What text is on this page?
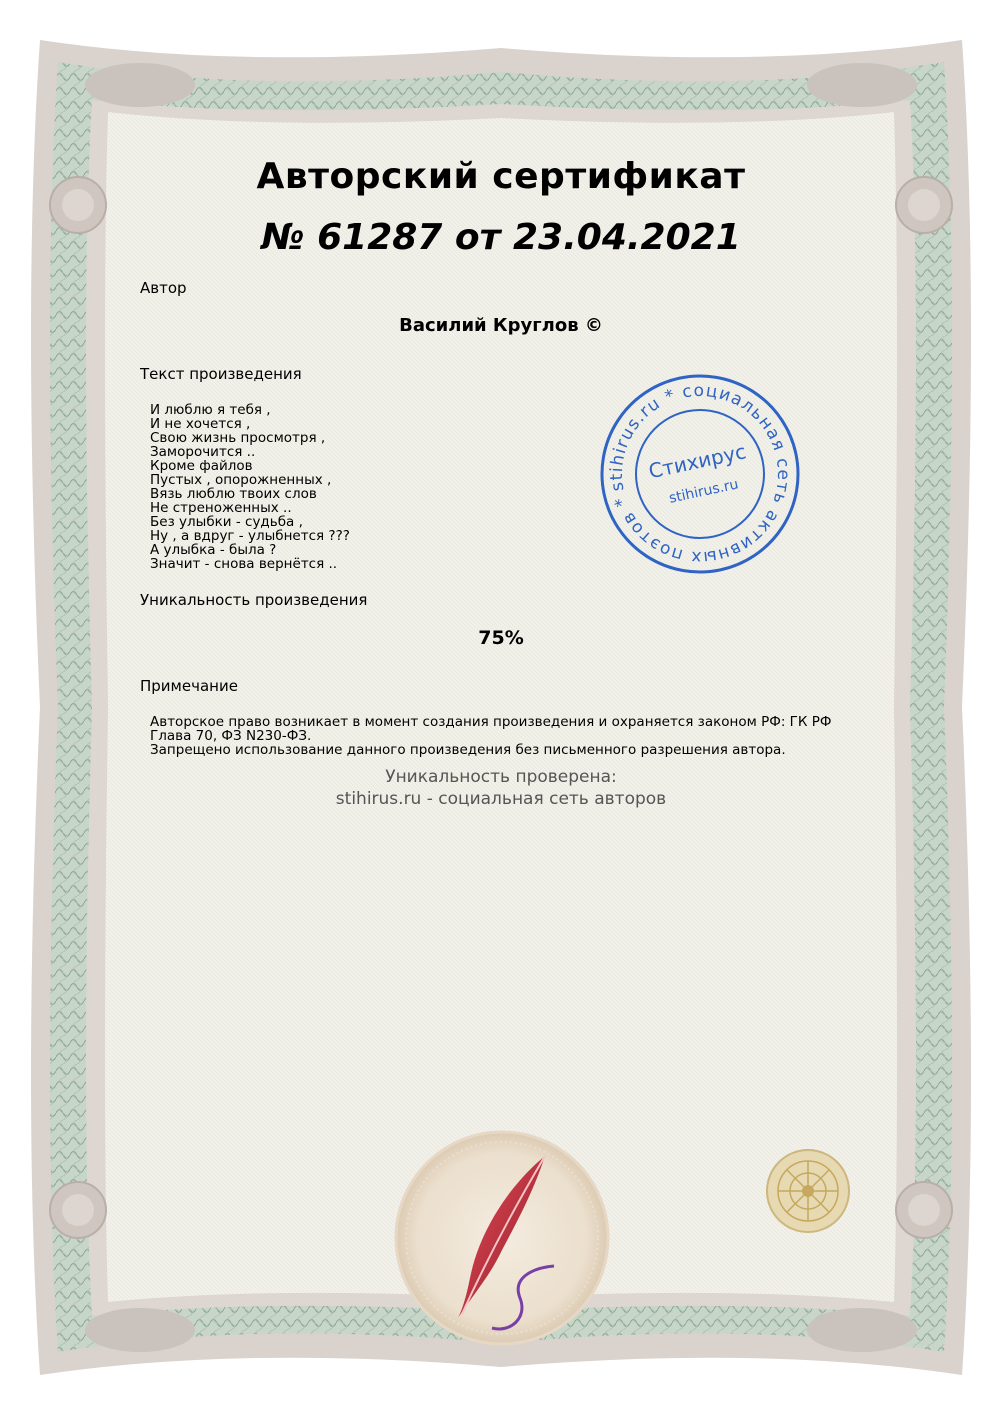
Авторский сертификат
№ 61287 от 23.04.2021
Автор
Василий Круглов ©
Текст произведения
И люблю я тебя ,
И не хочется ,
Свою жизнь просмотря ,
Заморочится ..
Кроме файлов
Пустых , опорожненных ,
Вязь люблю твоих слов
Не стреноженных ..
Без улыбки - судьба ,
Ну , а вдруг - улыбнется ???
А улыбка - была ?
Значит - снова вернётся ..
Уникальность произведения
75%
Примечание
Авторское право возникает в момент создания произведения и охраняется законом РФ: ГК РФ Глава 70, ФЗ N230-ФЗ.
Запрещено использование данного произведения без письменного разрешения автора.
Уникальность проверена:
stihirus.ru - социальная сеть авторов
stihirus.ru * социальная сеть активных поэтов *
Стихирус
stihirus.ru
